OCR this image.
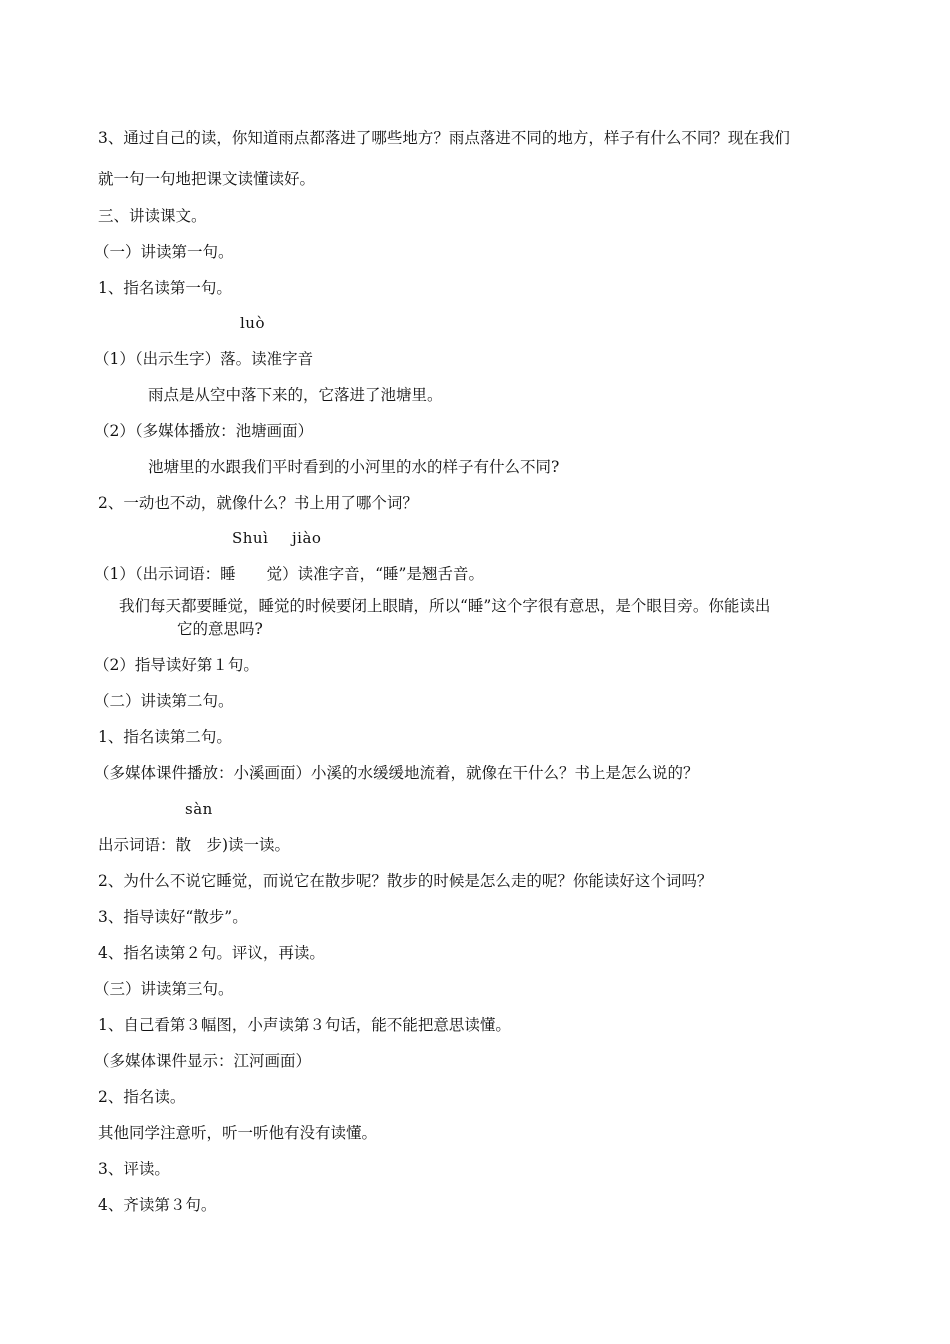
3、通过自己的读，你知道雨点都落进了哪些地方？雨点落进不同的地方，样子有什么不同？现在我们
就一句一句地把课文读懂读好。
三、讲读课文。
（一）讲读第一句。
1、指名读第一句。
luò
（1）（出示生字）落。读准字音
雨点是从空中落下来的，它落进了池塘里。
（2）（多媒体播放：池塘画面）
池塘里的水跟我们平时看到的小河里的水的样子有什么不同?
2、一动也不动，就像什么？书上用了哪个词？
Shuì jiào
（1）（出示词语：睡　　觉）读准字音，“睡”是翘舌音。
我们每天都要睡觉，睡觉的时候要闭上眼睛，所以“睡”这个字很有意思，是个眼目旁。你能读出
它的意思吗?
（2）指导读好第１句。
（二）讲读第二句。
1、指名读第二句。
（多媒体课件播放：小溪画面）小溪的水缓缓地流着，就像在干什么？书上是怎么说的？
sàn
出示词语：散　步)读一读。
2、为什么不说它睡觉，而说它在散步呢？散步的时候是怎么走的呢？你能读好这个词吗？
3、指导读好“散步”。
4、指名读第２句。评议，再读。
（三）讲读第三句。
1、自己看第３幅图，小声读第３句话，能不能把意思读懂。
（多媒体课件显示：江河画面）
2、指名读。
其他同学注意听，听一听他有没有读懂。
3、评读。
4、齐读第３句。
